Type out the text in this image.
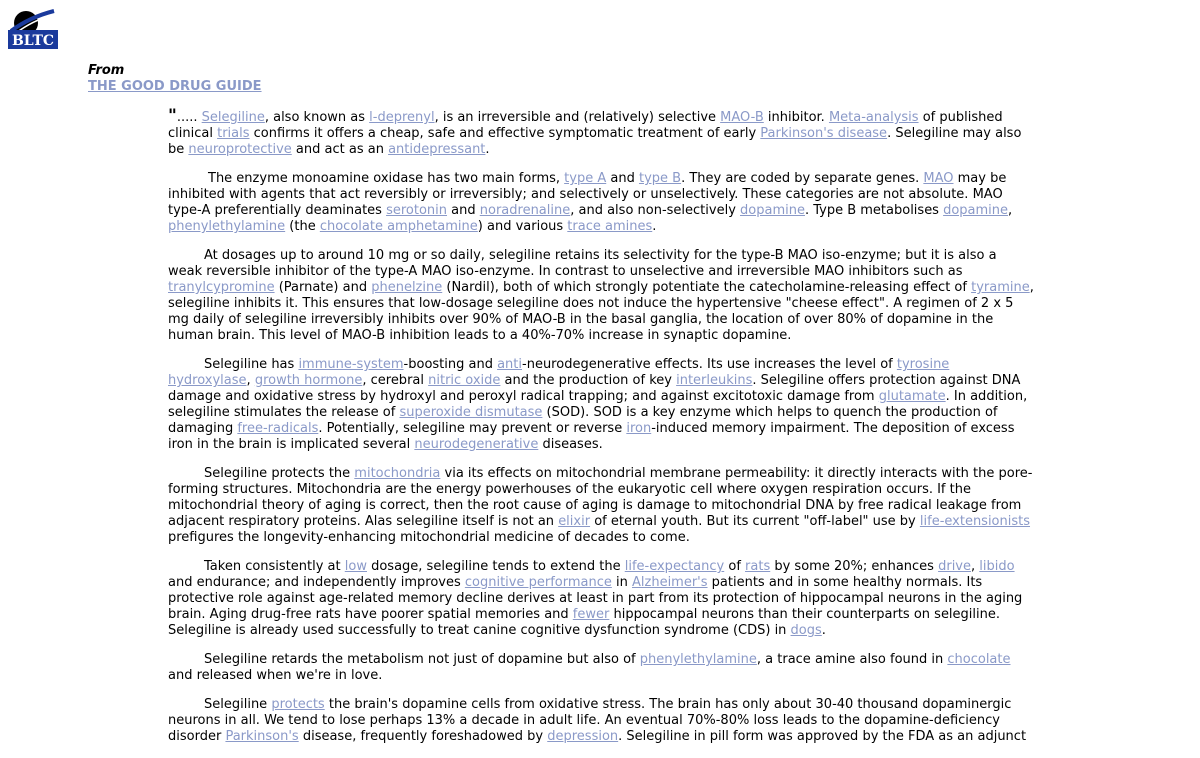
BLTC
From
THE GOOD DRUG GUIDE

"..... Selegiline, also known as l-deprenyl, is an irreversible and (relatively) selective MAO-B inhibitor. Meta-analysis of published clinical trials confirms it offers a cheap, safe and effective symptomatic treatment of early Parkinson's disease. Selegiline may also be neuroprotective and act as an antidepressant.

The enzyme monoamine oxidase has two main forms, type A and type B. They are coded by separate genes. MAO may be inhibited with agents that act reversibly or irreversibly; and selectively or unselectively. These categories are not absolute. MAO type-A preferentially deaminates serotonin and noradrenaline, and also non-selectively dopamine. Type B metabolises dopamine, phenylethylamine (the chocolate amphetamine) and various trace amines.

At dosages up to around 10 mg or so daily, selegiline retains its selectivity for the type-B MAO iso-enzyme; but it is also a weak reversible inhibitor of the type-A MAO iso-enzyme. In contrast to unselective and irreversible MAO inhibitors such as tranylcypromine (Parnate) and phenelzine (Nardil), both of which strongly potentiate the catecholamine-releasing effect of tyramine, selegiline inhibits it. This ensures that low-dosage selegiline does not induce the hypertensive "cheese effect". A regimen of 2 x 5 mg daily of selegiline irreversibly inhibits over 90% of MAO-B in the basal ganglia, the location of over 80% of dopamine in the human brain. This level of MAO-B inhibition leads to a 40%-70% increase in synaptic dopamine.

Selegiline has immune-system-boosting and anti-neurodegenerative effects. Its use increases the level of tyrosine hydroxylase, growth hormone, cerebral nitric oxide and the production of key interleukins. Selegiline offers protection against DNA damage and oxidative stress by hydroxyl and peroxyl radical trapping; and against excitotoxic damage from glutamate. In addition, selegiline stimulates the release of superoxide dismutase (SOD). SOD is a key enzyme which helps to quench the production of damaging free-radicals. Potentially, selegiline may prevent or reverse iron-induced memory impairment. The deposition of excess iron in the brain is implicated several neurodegenerative diseases.

Selegiline protects the mitochondria via its effects on mitochondrial membrane permeability: it directly interacts with the pore-forming structures. Mitochondria are the energy powerhouses of the eukaryotic cell where oxygen respiration occurs. If the mitochondrial theory of aging is correct, then the root cause of aging is damage to mitochondrial DNA by free radical leakage from adjacent respiratory proteins. Alas selegiline itself is not an elixir of eternal youth. But its current "off-label" use by life-extensionists prefigures the longevity-enhancing mitochondrial medicine of decades to come.

Taken consistently at low dosage, selegiline tends to extend the life-expectancy of rats by some 20%; enhances drive, libido and endurance; and independently improves cognitive performance in Alzheimer's patients and in some healthy normals. Its protective role against age-related memory decline derives at least in part from its protection of hippocampal neurons in the aging brain. Aging drug-free rats have poorer spatial memories and fewer hippocampal neurons than their counterparts on selegiline. Selegiline is already used successfully to treat canine cognitive dysfunction syndrome (CDS) in dogs.

Selegiline retards the metabolism not just of dopamine but also of phenylethylamine, a trace amine also found in chocolate and released when we're in love.

Selegiline protects the brain's dopamine cells from oxidative stress. The brain has only about 30-40 thousand dopaminergic neurons in all. We tend to lose perhaps 13% a decade in adult life. An eventual 70%-80% loss leads to the dopamine-deficiency disorder Parkinson's disease, frequently foreshadowed by depression. Selegiline in pill form was approved by the FDA as an adjunct
